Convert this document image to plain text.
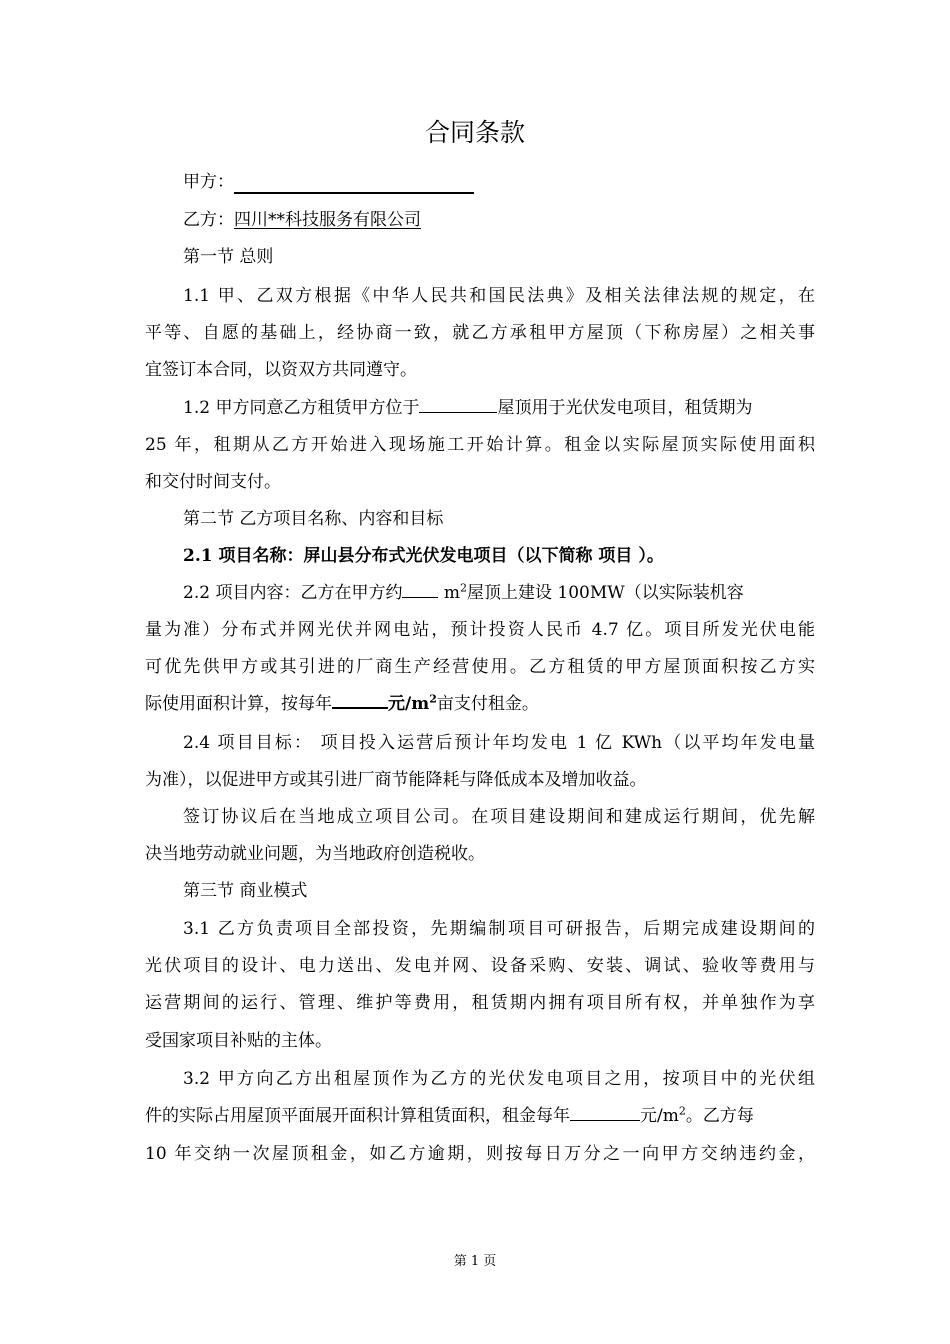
合同条款
甲方：
乙方：四川**科技服务有限公司
第一节 总则
1.1 甲、乙双方根据《中华人民共和国民法典》及相关法律法规的规定，在
平等、自愿的基础上，经协商一致，就乙方承租甲方屋顶（下称房屋）之相关事
宜签订本合同，以资双方共同遵守。
1.2 甲方同意乙方租赁甲方位于	屋顶用于光伏发电项目，租赁期为
25 年，租期从乙方开始进入现场施工开始计算。租金以实际屋顶实际使用面积
和交付时间支付。
第二节 乙方项目名称、内容和目标
2.1 项目名称：屏山县分布式光伏发电项目（以下简称 项目 ）。
2.2 项目内容：乙方在甲方约 $m^2$屋顶上建设 100MW（以实际装机容
量为准）分布式并网光伏并网电站，预计投资人民币 4.7 亿。项目所发光伏电能
可优先供甲方或其引进的厂商生产经营使用。乙方租赁的甲方屋顶面积按乙方实
际使用面积计算，按每年	元$/m^2$亩支付租金。
2.4 项目目标： 项目投入运营后预计年均发电 1 亿 KWh（以平均年发电量
为准），以促进甲方或其引进厂商节能降耗与降低成本及增加收益。
签订协议后在当地成立项目公司。在项目建设期间和建成运行期间，优先解
决当地劳动就业问题，为当地政府创造税收。
第三节 商业模式
3.1 乙方负责项目全部投资，先期编制项目可研报告，后期完成建设期间的
光伏项目的设计、电力送出、发电并网、设备采购、安装、调试、验收等费用与
运营期间的运行、管理、维护等费用，租赁期内拥有项目所有权，并单独作为享
受国家项目补贴的主体。
3.2 甲方向乙方出租屋顶作为乙方的光伏发电项目之用，按项目中的光伏组
件的实际占用屋顶平面展开面积计算租赁面积，租金每年	元$/m^2$。乙方每
10 年交纳一次屋顶租金，如乙方逾期，则按每日万分之一向甲方交纳违约金，
第 1 页
